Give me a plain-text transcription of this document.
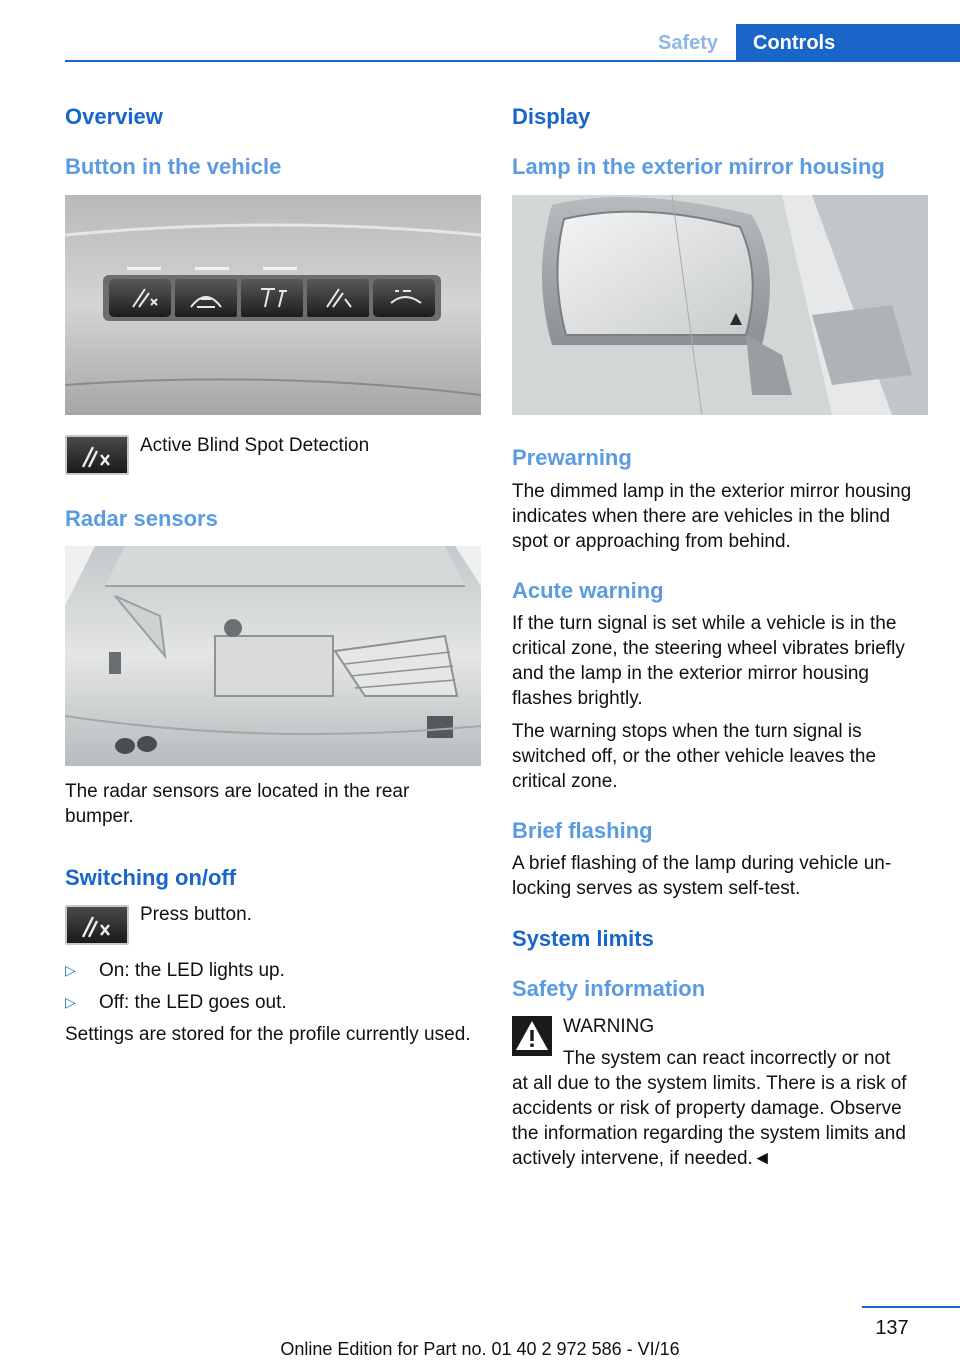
Safety	Controls
Overview
Button in the vehicle
Active Blind Spot Detection
Radar sensors
The radar sensors are located in the rear bumper.
Switching on/off
Press button.
▷ On: the LED lights up.
▷ Off: the LED goes out.
Settings are stored for the profile currently used.
Display
Lamp in the exterior mirror housing
Prewarning
The dimmed lamp in the exterior mirror housing indicates when there are vehicles in the blind spot or approaching from behind.
Acute warning
If the turn signal is set while a vehicle is in the critical zone, the steering wheel vibrates briefly and the lamp in the exterior mirror housing flashes brightly.
The warning stops when the turn signal is switched off, or the other vehicle leaves the critical zone.
Brief flashing
A brief flashing of the lamp during vehicle unlocking serves as system self-test.
System limits
Safety information
WARNING
The system can react incorrectly or not
at all due to the system limits. There is a risk of accidents or risk of property damage. Observe the information regarding the system limits and actively intervene, if needed.◄
137
Online Edition for Part no. 01 40 2 972 586 - VI/16
